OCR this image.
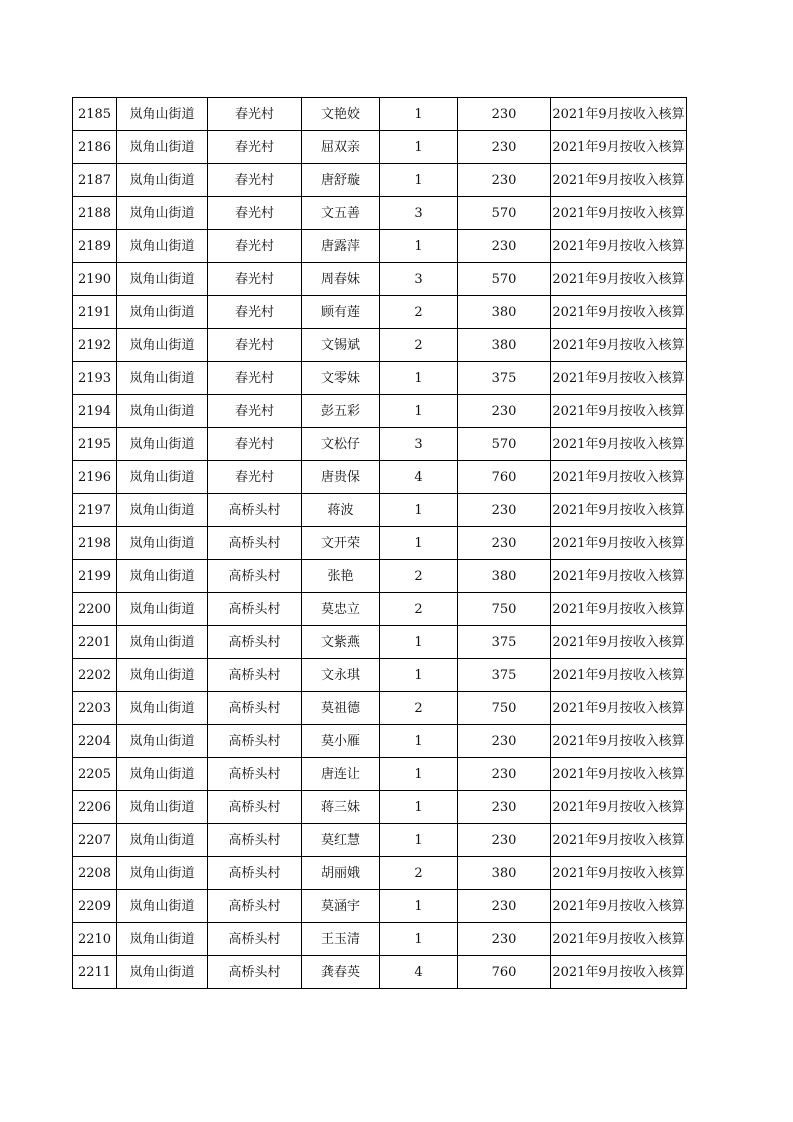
2185	岚角山街道	春光村	文艳姣	1	230	2021年9月按收入核算
2186	岚角山街道	春光村	屈双亲	1	230	2021年9月按收入核算
2187	岚角山街道	春光村	唐舒璇	1	230	2021年9月按收入核算
2188	岚角山街道	春光村	文五善	3	570	2021年9月按收入核算
2189	岚角山街道	春光村	唐露萍	1	230	2021年9月按收入核算
2190	岚角山街道	春光村	周春妹	3	570	2021年9月按收入核算
2191	岚角山街道	春光村	顾有莲	2	380	2021年9月按收入核算
2192	岚角山街道	春光村	文锡斌	2	380	2021年9月按收入核算
2193	岚角山街道	春光村	文零妹	1	375	2021年9月按收入核算
2194	岚角山街道	春光村	彭五彩	1	230	2021年9月按收入核算
2195	岚角山街道	春光村	文松仔	3	570	2021年9月按收入核算
2196	岚角山街道	春光村	唐贵保	4	760	2021年9月按收入核算
2197	岚角山街道	高桥头村	蒋波	1	230	2021年9月按收入核算
2198	岚角山街道	高桥头村	文开荣	1	230	2021年9月按收入核算
2199	岚角山街道	高桥头村	张艳	2	380	2021年9月按收入核算
2200	岚角山街道	高桥头村	莫忠立	2	750	2021年9月按收入核算
2201	岚角山街道	高桥头村	文紫燕	1	375	2021年9月按收入核算
2202	岚角山街道	高桥头村	文永琪	1	375	2021年9月按收入核算
2203	岚角山街道	高桥头村	莫祖德	2	750	2021年9月按收入核算
2204	岚角山街道	高桥头村	莫小雁	1	230	2021年9月按收入核算
2205	岚角山街道	高桥头村	唐连让	1	230	2021年9月按收入核算
2206	岚角山街道	高桥头村	蒋三妹	1	230	2021年9月按收入核算
2207	岚角山街道	高桥头村	莫红慧	1	230	2021年9月按收入核算
2208	岚角山街道	高桥头村	胡丽娥	2	380	2021年9月按收入核算
2209	岚角山街道	高桥头村	莫涵宇	1	230	2021年9月按收入核算
2210	岚角山街道	高桥头村	王玉清	1	230	2021年9月按收入核算
2211	岚角山街道	高桥头村	龚春英	4	760	2021年9月按收入核算
